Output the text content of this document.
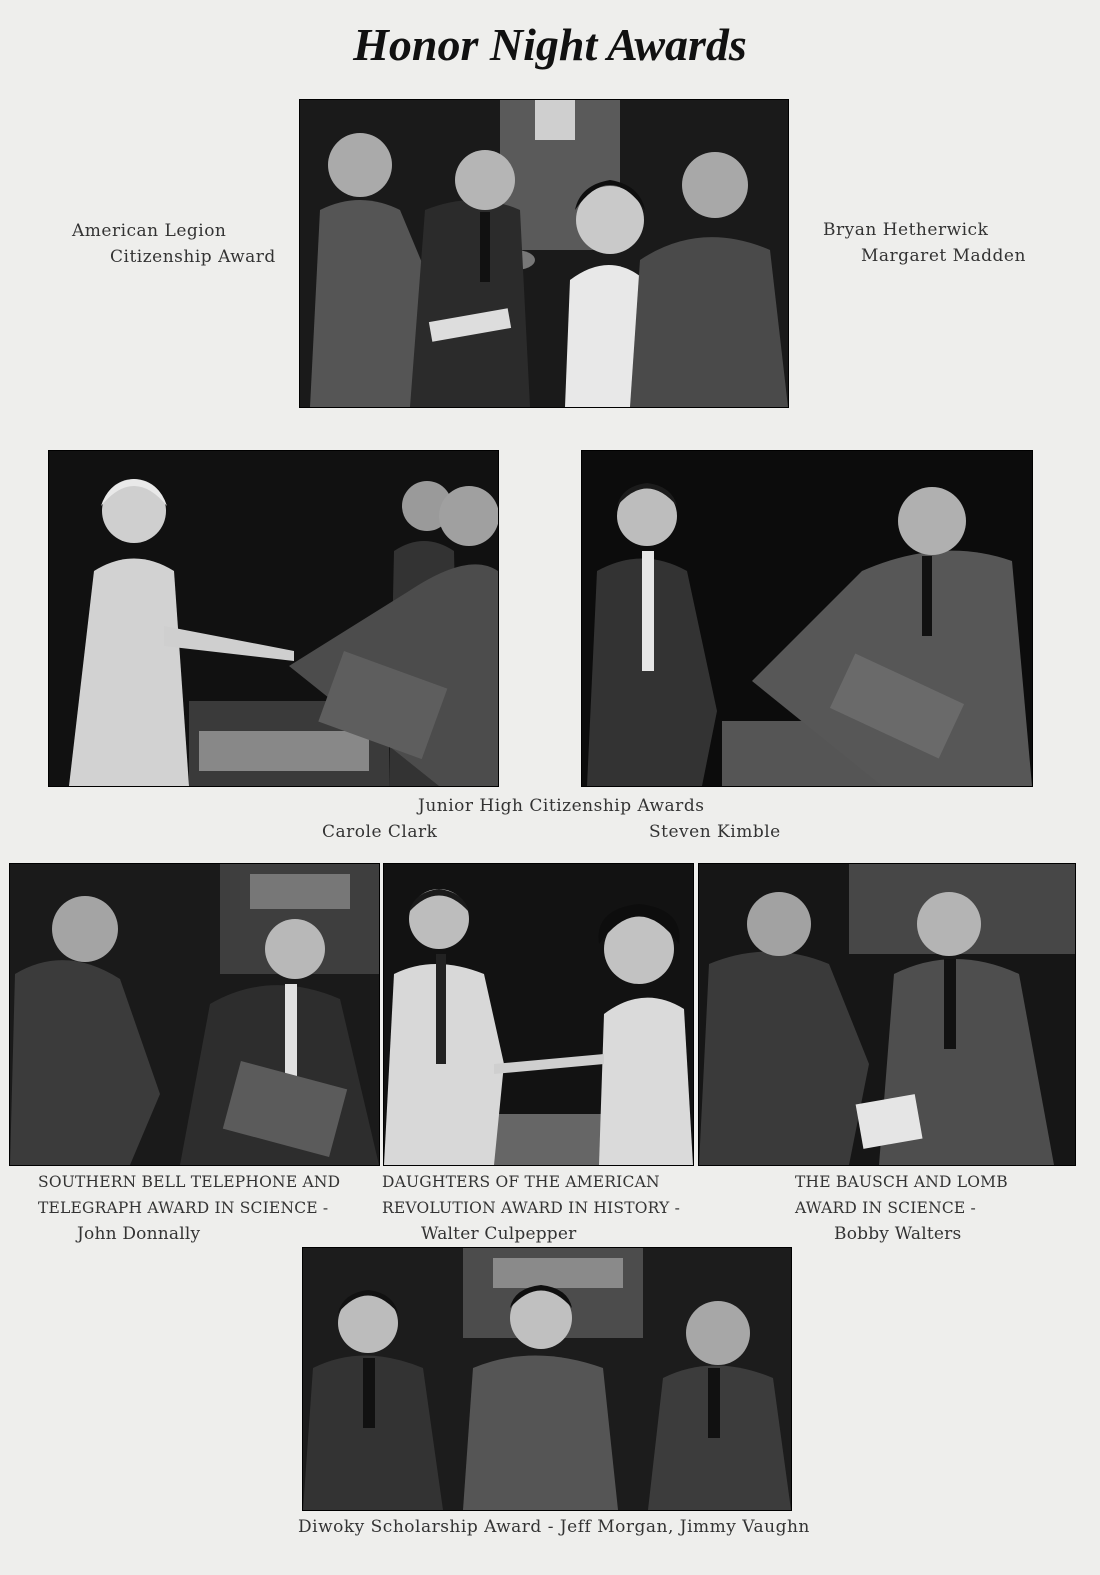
Honor Night Awards
American Legion
Citizenship Award
Bryan Hetherwick
Margaret Madden
Junior High Citizenship Awards
Carole Clark	Steven Kimble
SOUTHERN BELL TELEPHONE AND
TELEGRAPH AWARD IN SCIENCE -
John Donnally
DAUGHTERS OF THE AMERICAN
REVOLUTION AWARD IN HISTORY -
Walter Culpepper
THE BAUSCH AND LOMB
AWARD IN SCIENCE -
Bobby Walters
Diwoky Scholarship Award - Jeff Morgan, Jimmy Vaughn
